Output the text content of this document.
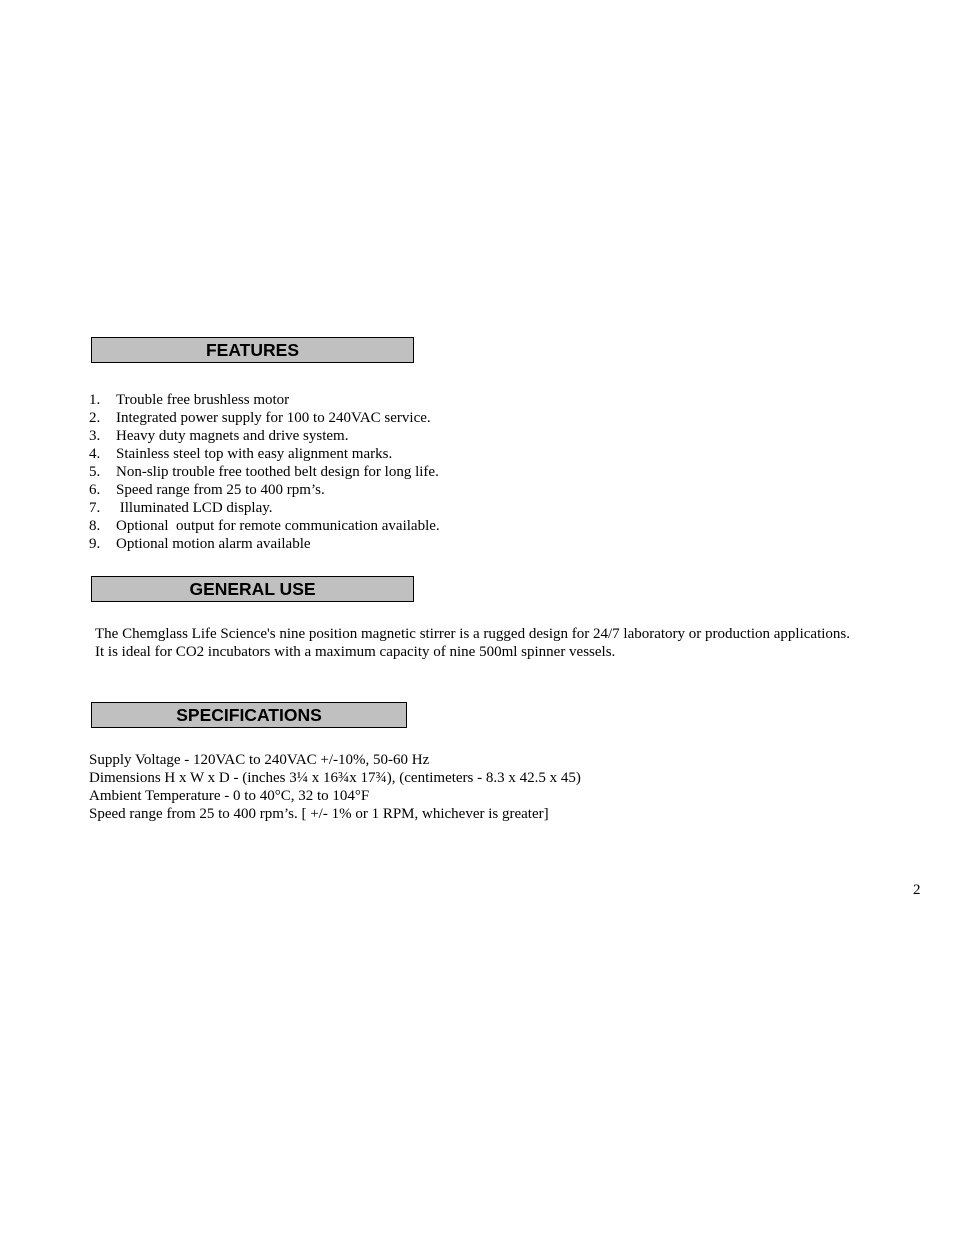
FEATURES
1.	Trouble free brushless motor
2.	Integrated power supply for 100 to 240VAC service.
3.	Heavy duty magnets and drive system.
4.	Stainless steel top with easy alignment marks.
5.	Non-slip trouble free toothed belt design for long life.
6.	Speed range from 25 to 400 rpm’s.
7.	Illuminated LCD display.
8.	Optional  output for remote communication available.
9.	Optional motion alarm available
GENERAL USE

The Chemglass Life Science's nine position magnetic stirrer is a rugged design for 24/7 laboratory or production applications. It is ideal for CO2 incubators with a maximum capacity of nine 500ml spinner vessels.

SPECIFICATIONS
Supply Voltage - 120VAC to 240VAC +/-10%, 50-60 Hz
Dimensions H x W x D - (inches 3¼ x 16¾x 17¾), (centimeters - 8.3 x 42.5 x 45)
Ambient Temperature - 0 to 40°C, 32 to 104°F
Speed range from 25 to 400 rpm’s. [ +/- 1% or 1 RPM, whichever is greater]
2
